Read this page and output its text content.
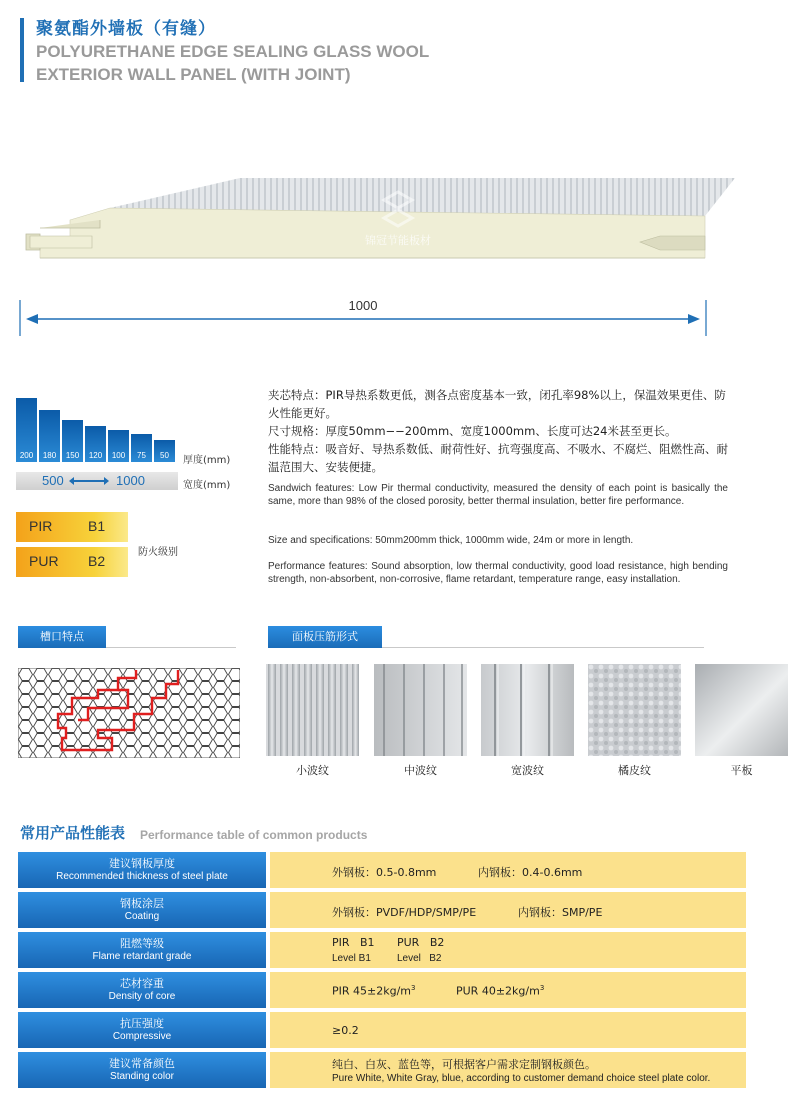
聚氨酯外墙板（有缝）
POLYURETHANE EDGE SEALING GLASS WOOL
EXTERIOR WALL PANEL (WITH JOINT)
锦冠节能板材
1000
200	180	150	120	100	75	50	厚度(mm)
500	1000	宽度(mm)
PIR	B1
PUR B2
防火级别
夹芯特点：PIR导热系数更低，测各点密度基本一致，闭孔率98%以上，保温效果更佳、防火性能更好。
尺寸规格：厚度50mm−−200mm、宽度1000mm、长度可达24米甚至更长。
性能特点：吸音好、导热系数低、耐荷性好、抗弯强度高、不吸水、不腐烂、阻燃性高、耐温范围大、安装便捷。
Sandwich features: Low Pir thermal conductivity, measured the density of each point is basically the same, more than 98% of the closed porosity, better thermal insulation, better fire performance.
Size and specifications: 50mm200mm thick, 1000mm wide, 24m or more in length.
Performance features: Sound absorption, low thermal conductivity, good load resistance, high bending strength, non-absorbent, non-corrosive, flame retardant, temperature range, easy installation.
槽口特点	面板压筋形式
小波纹	中波纹	宽波纹	橘皮纹	平板
常用产品性能表 Performance table of common products
建议钢板厚度
Recommended thickness of steel plate	外钢板：0.5-0.8mm	内钢板：0.4-0.6mm
钢板涂层
Coating	外钢板：PVDF/HDP/SMP/PE	内钢板：SMP/PE
阻燃等级
Flame retardant grade
PIR   B1 PUR   B2
Level B1	Level   B2
芯材容重
Density of core	PIR $45\pm 2kg/m^3$	PUR $40\pm 2kg/m^3$
抗压强度
Compressive	≥0.2
建议常备颜色
Standing color
纯白、白灰、蓝色等，可根据客户需求定制钢板颜色。
Pure White, White Gray, blue, according to customer demand choice steel plate color.
